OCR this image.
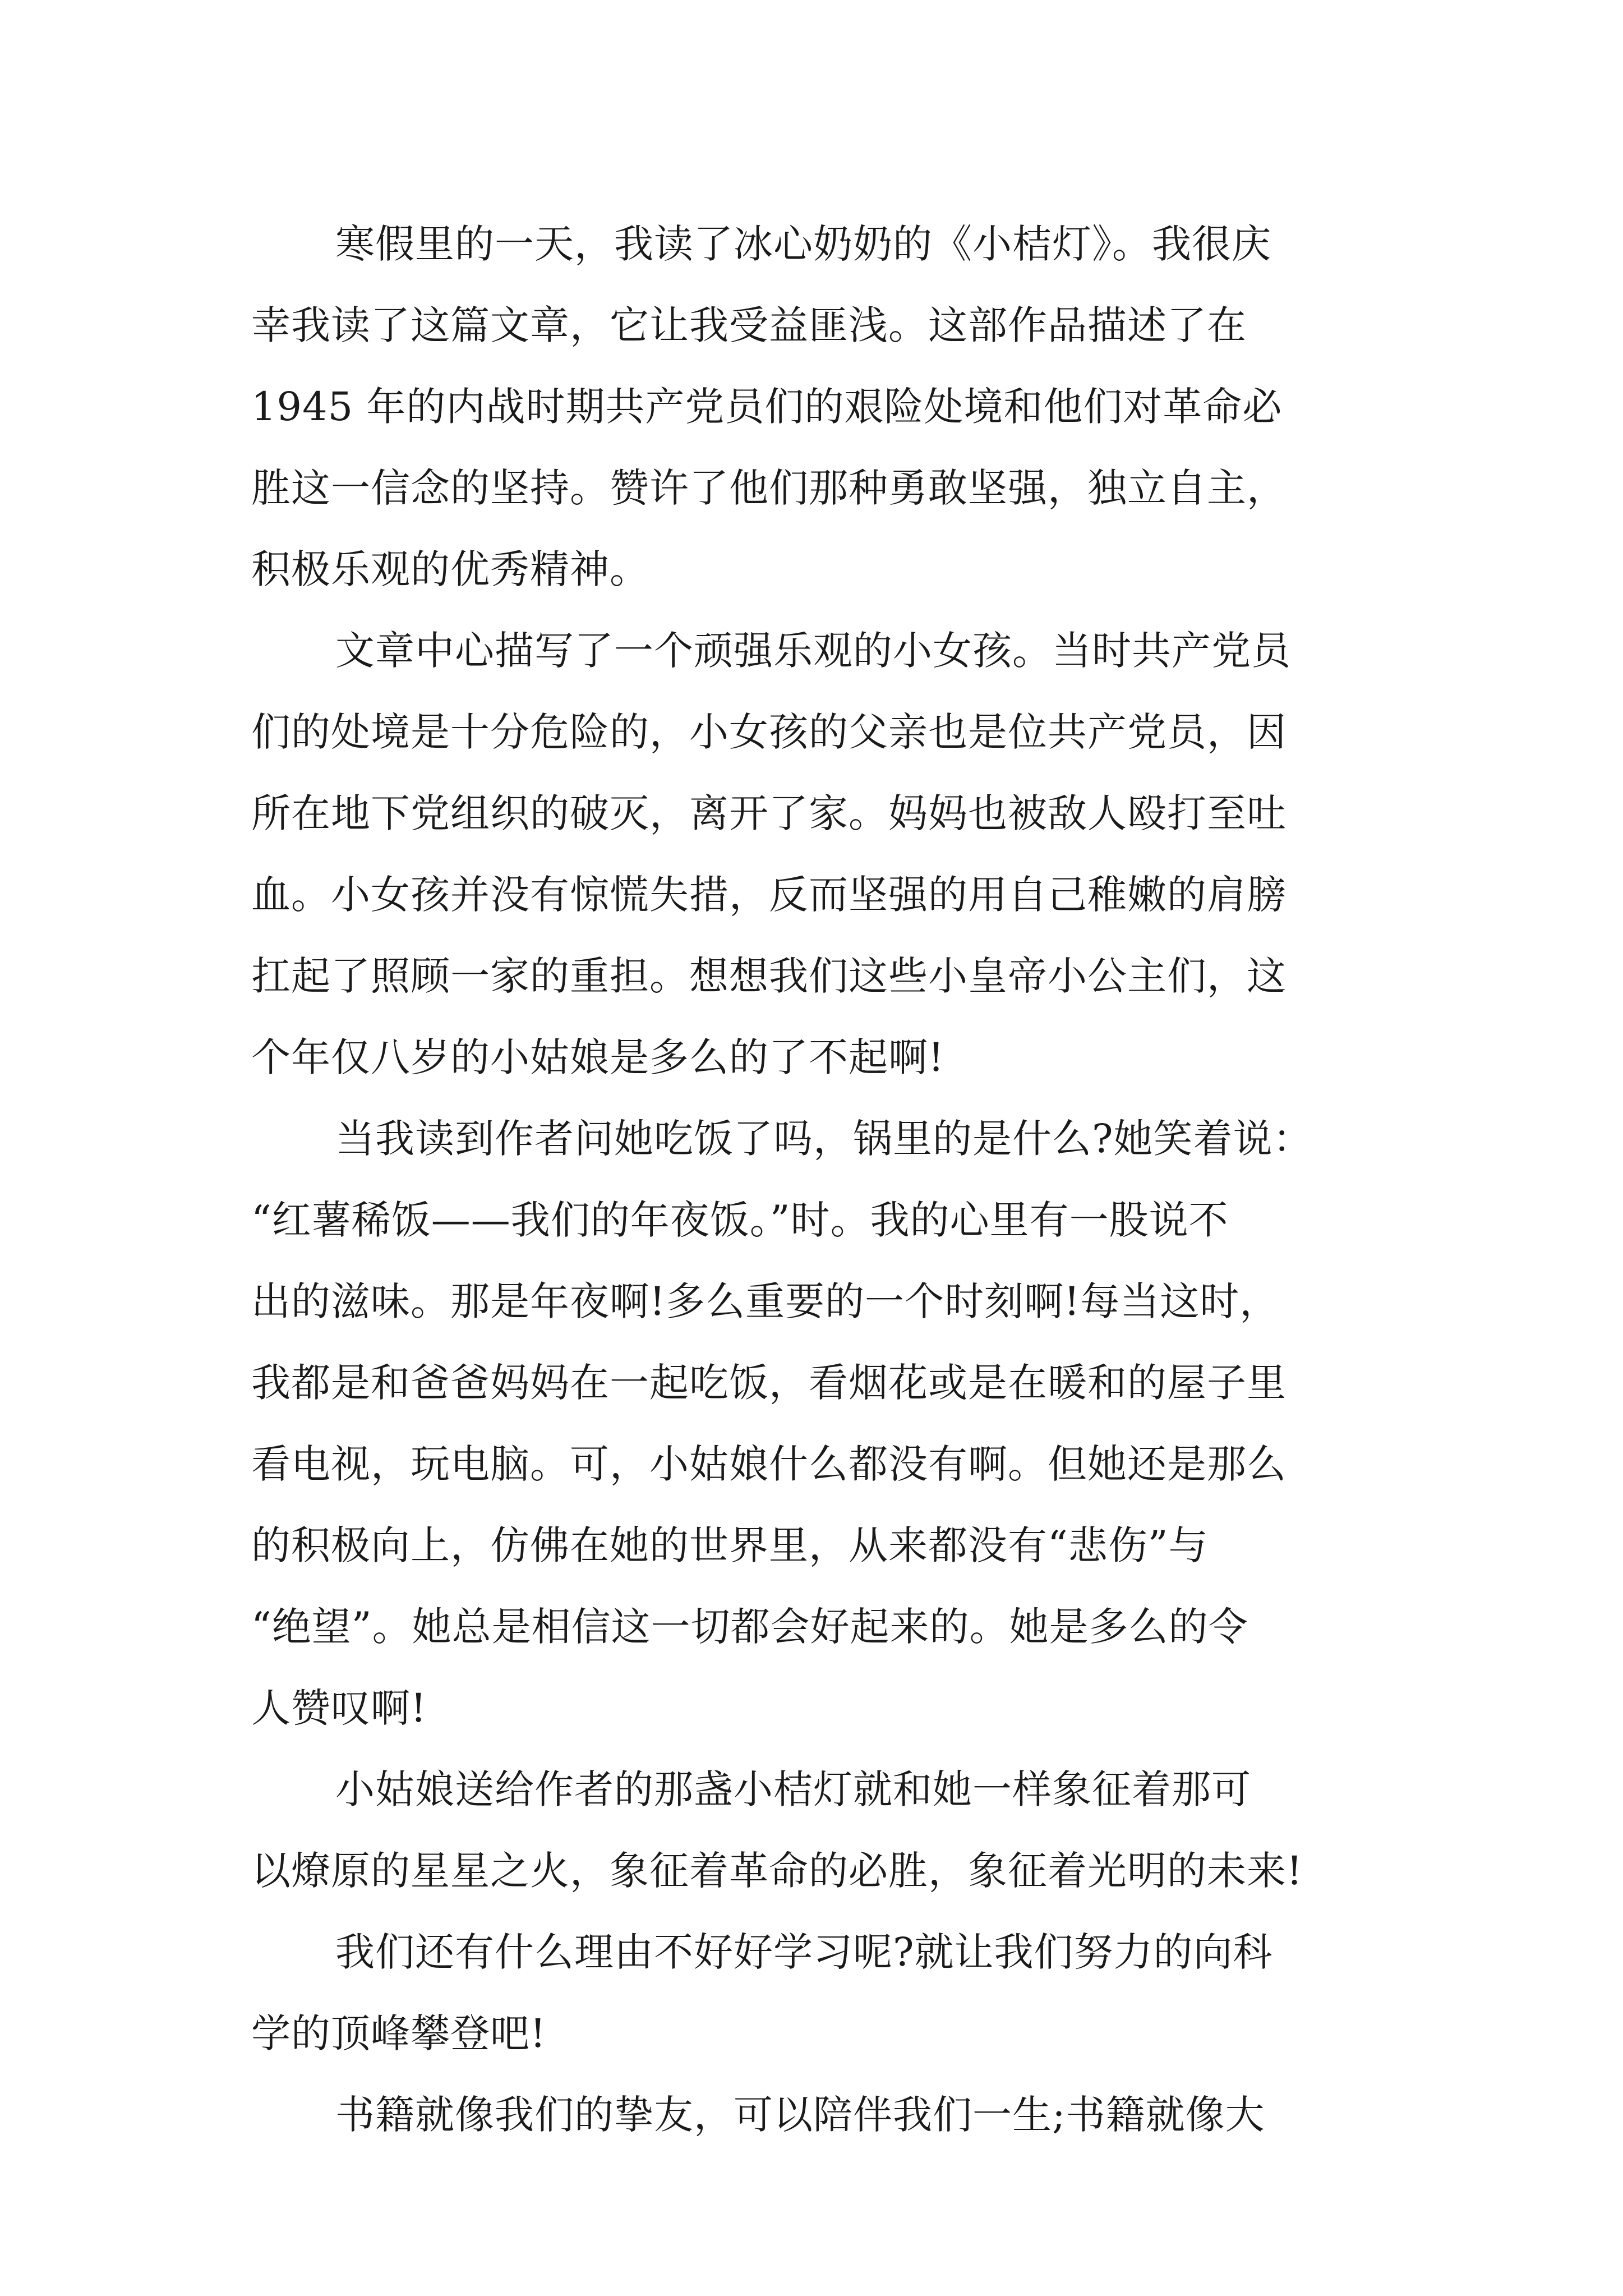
寒假里的一天，我读了冰心奶奶的《小桔灯》。我很庆
幸我读了这篇文章，它让我受益匪浅。这部作品描述了在
1945 年的内战时期共产党员们的艰险处境和他们对革命必
胜这一信念的坚持。赞许了他们那种勇敢坚强，独立自主，
积极乐观的优秀精神。
文章中心描写了一个顽强乐观的小女孩。当时共产党员
们的处境是十分危险的，小女孩的父亲也是位共产党员，因
所在地下党组织的破灭，离开了家。妈妈也被敌人殴打至吐
血。小女孩并没有惊慌失措，反而坚强的用自己稚嫩的肩膀
扛起了照顾一家的重担。想想我们这些小皇帝小公主们，这
个年仅八岁的小姑娘是多么的了不起啊!
当我读到作者问她吃饭了吗，锅里的是什么?她笑着说：
“红薯稀饭——我们的年夜饭。”时。我的心里有一股说不
出的滋味。那是年夜啊!多么重要的一个时刻啊!每当这时，
我都是和爸爸妈妈在一起吃饭，看烟花或是在暖和的屋子里
看电视，玩电脑。可，小姑娘什么都没有啊。但她还是那么
的积极向上，仿佛在她的世界里，从来都没有“悲伤”与
“绝望”。她总是相信这一切都会好起来的。她是多么的令
人赞叹啊!
小姑娘送给作者的那盏小桔灯就和她一样象征着那可
以燎原的星星之火，象征着革命的必胜，象征着光明的未来!
我们还有什么理由不好好学习呢?就让我们努力的向科
学的顶峰攀登吧!
书籍就像我们的挚友，可以陪伴我们一生;书籍就像大
